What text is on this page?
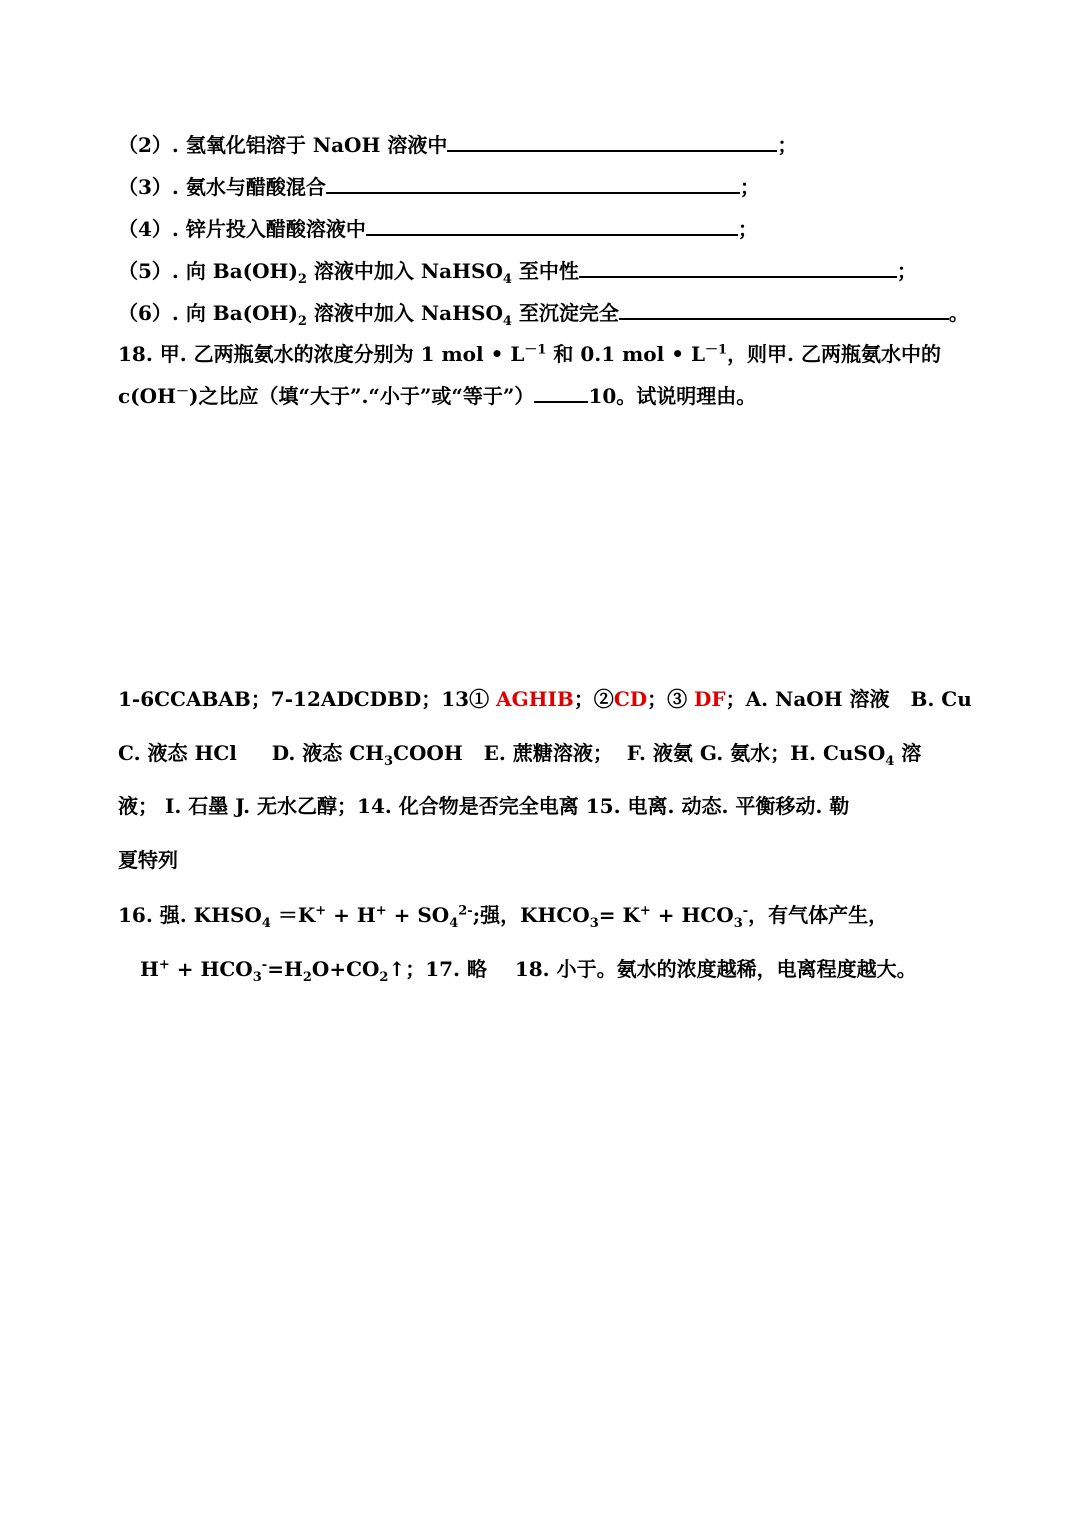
（2）. 氢氧化铝溶于 NaOH 溶液中	；
（3）. 氨水与醋酸混合	；
（4）. 锌片投入醋酸溶液中	；
（5）. 向 $Ba(OH)_2$ 溶液中加入 NaHSO$_4$ 至中性	；
（6）. 向 $Ba(OH)_2$ 溶液中加入 NaHSO$_4$ 至沉淀完全	。
18. 甲. 乙两瓶氨水的浓度分别为 1 mol • $L^{-1}$ 和 0.1 mol • $L^{-1}$，则甲. 乙两瓶氨水中的
c(OH－)之比应（填“大于”.“小于”或“等于”）	10。试说明理由。
1-6CCABAB；7-12ADCDBD；13① AGHIB；②CD；③ DF；A. NaOH 溶液 B. Cu
C. 液态 HCl D. 液态 $CH_3COOH$ E. 蔗糖溶液； F. 液氨 G. 氨水；H. CuSO$_4$ 溶
液； I. 石墨 J. 无水乙醇；14. 化合物是否完全电离 15. 电离. 动态. 平衡移动. 勒
夏特列
16. 强. $KHSO_4 =K^+ + H^+ + SO_4^{2-}$;强，$KHCO_3= K^+ + HCO_3^-$，有气体产生，
$H^+ + HCO_3^-=H_2O+CO_2↑$；17. 略 18. 小于。氨水的浓度越稀，电离程度越大。
